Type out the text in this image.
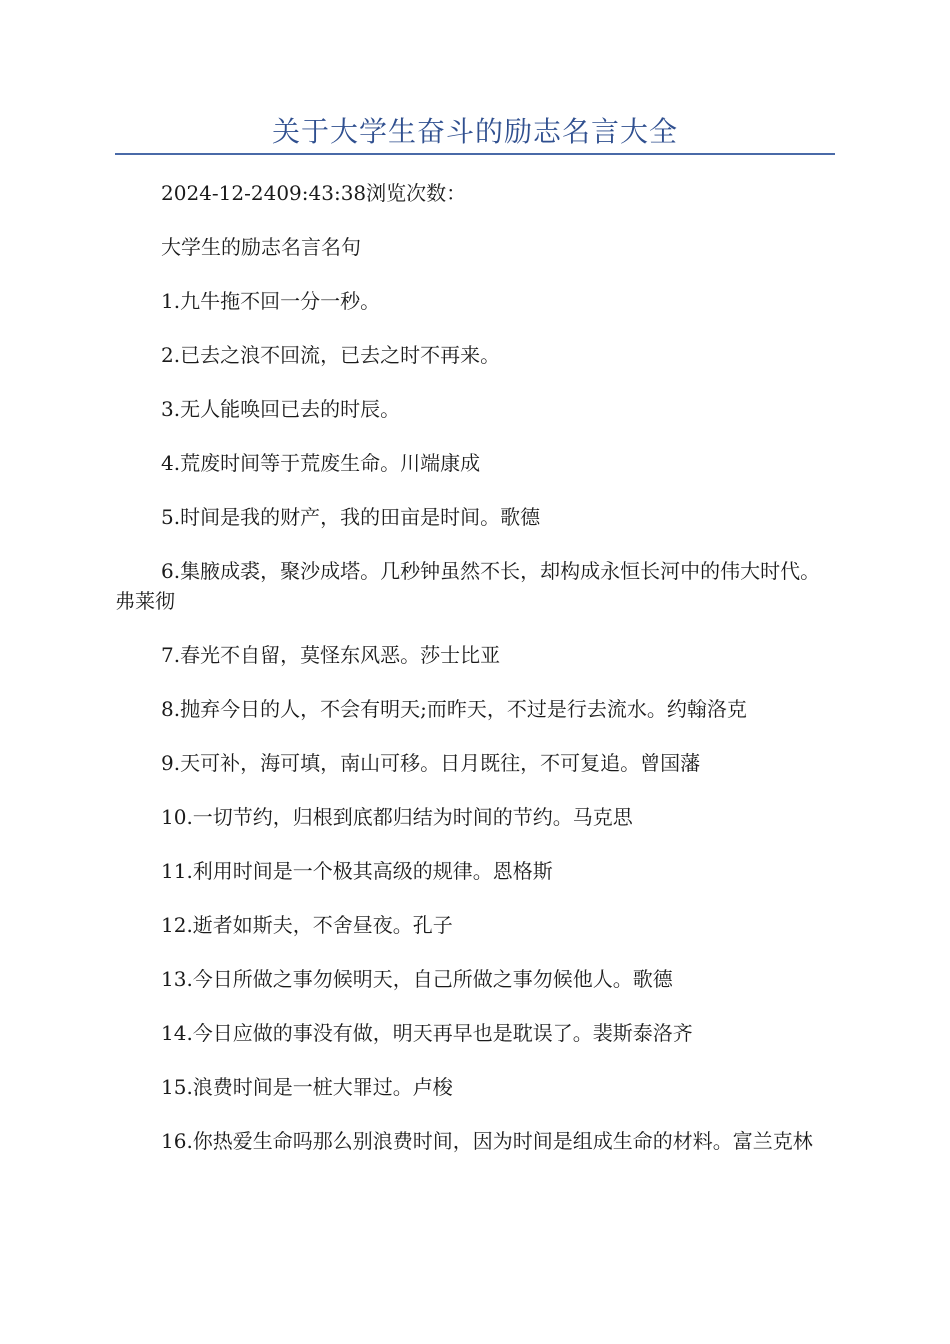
关于大学生奋斗的励志名言大全

2024-12-2409:43:38浏览次数：

大学生的励志名言名句

1.九牛拖不回一分一秒。

2.已去之浪不回流，已去之时不再来。

3.无人能唤回已去的时辰。

4.荒废时间等于荒废生命。川端康成

5.时间是我的财产，我的田亩是时间。歌德

6.集腋成裘，聚沙成塔。几秒钟虽然不长，却构成永恒长河中的伟大时代。弗莱彻

7.春光不自留，莫怪东风恶。莎士比亚

8.抛弃今日的人，不会有明天;而昨天，不过是行去流水。约翰洛克

9.天可补，海可填，南山可移。日月既往，不可复追。曾国藩

10.一切节约，归根到底都归结为时间的节约。马克思

11.利用时间是一个极其高级的规律。恩格斯

12.逝者如斯夫，不舍昼夜。孔子

13.今日所做之事勿候明天，自己所做之事勿候他人。歌德

14.今日应做的事没有做，明天再早也是耽误了。裴斯泰洛齐

15.浪费时间是一桩大罪过。卢梭

16.你热爱生命吗那么别浪费时间，因为时间是组成生命的材料。富兰克林
